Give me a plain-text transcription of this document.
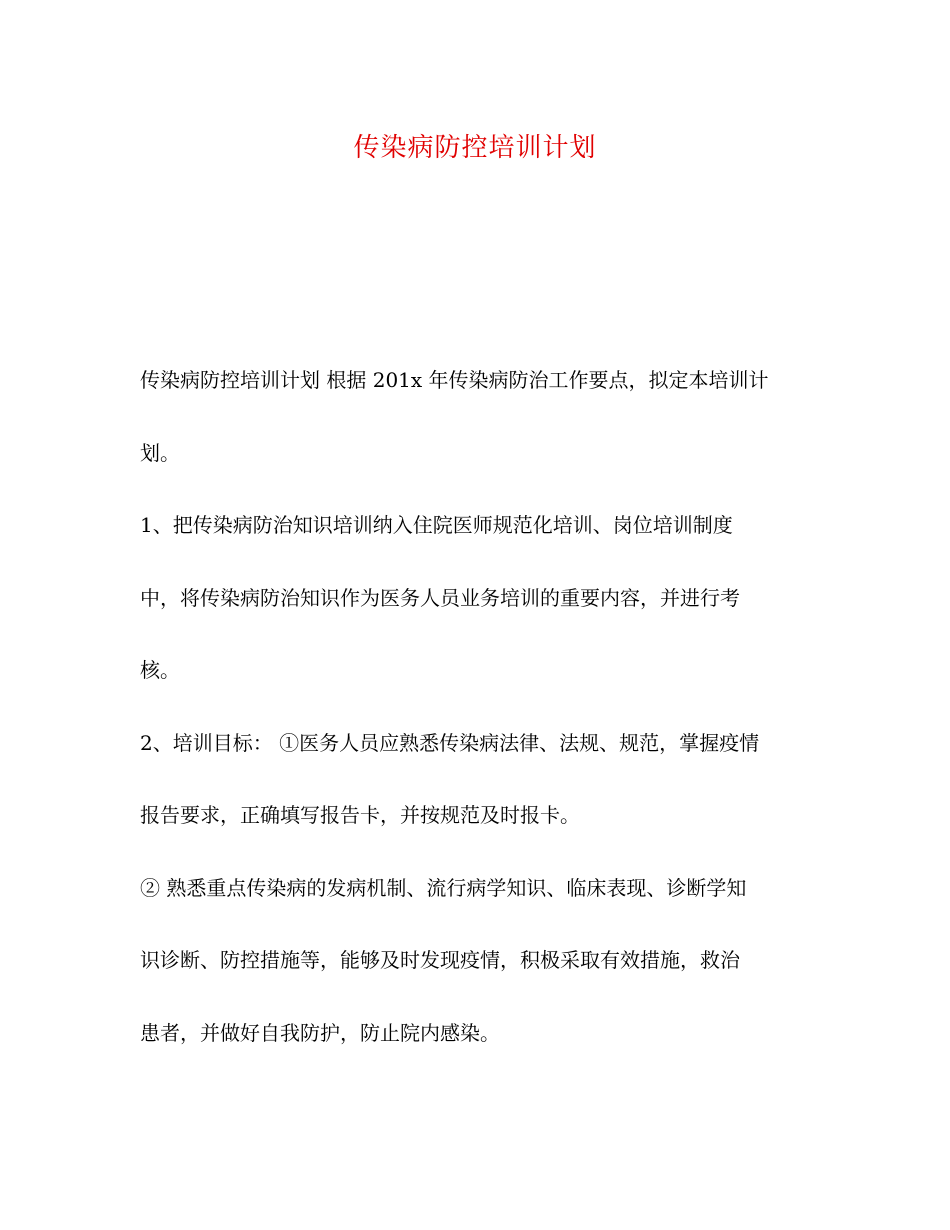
传染病防控培训计划
传染病防控培训计划 根据 201x 年传染病防治工作要点，拟定本培训计
划。
1、把传染病防治知识培训纳入住院医师规范化培训、岗位培训制度
中，将传染病防治知识作为医务人员业务培训的重要内容，并进行考
核。
2、培训目标： ①医务人员应熟悉传染病法律、法规、规范，掌握疫情
报告要求，正确填写报告卡，并按规范及时报卡。
② 熟悉重点传染病的发病机制、流行病学知识、临床表现、诊断学知
识诊断、防控措施等，能够及时发现疫情，积极采取有效措施，救治
患者，并做好自我防护，防止院内感染。
